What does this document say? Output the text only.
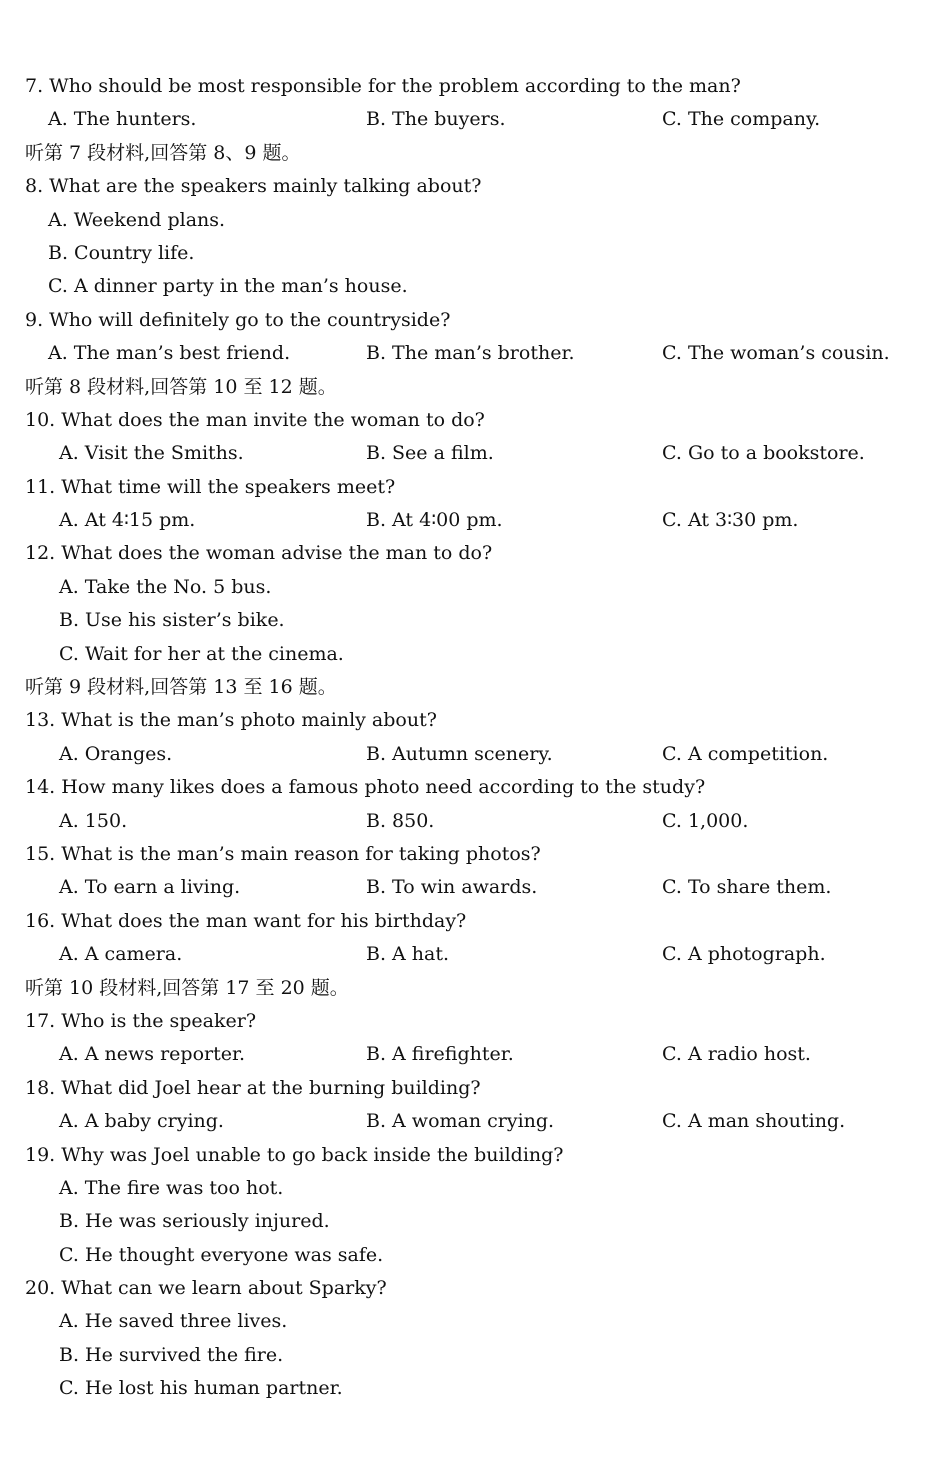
7. Who should be most responsible for the problem according to the man?
A. The hunters.	B. The buyers.	C. The company.
听第 7 段材料,回答第 8、9 题。
8. What are the speakers mainly talking about?
A. Weekend plans.
B. Country life.
C. A dinner party in the man’s house.
9. Who will definitely go to the countryside?
A. The man’s best friend.	B. The man’s brother.	C. The woman’s cousin.
听第 8 段材料,回答第 10 至 12 题。
10. What does the man invite the woman to do?
A. Visit the Smiths.	B. See a film.	C. Go to a bookstore.
11. What time will the speakers meet?
A. At 4∶15 pm.	B. At 4∶00 pm.	C. At 3∶30 pm.
12. What does the woman advise the man to do?
A. Take the No. 5 bus.
B. Use his sister’s bike.
C. Wait for her at the cinema.
听第 9 段材料,回答第 13 至 16 题。
13. What is the man’s photo mainly about?
A. Oranges.	B. Autumn scenery.	C. A competition.
14. How many likes does a famous photo need according to the study?
A. 150.	B. 850.	C. 1,000.
15. What is the man’s main reason for taking photos?
A. To earn a living.	B. To win awards.	C. To share them.
16. What does the man want for his birthday?
A. A camera.	B. A hat.	C. A photograph.
听第 10 段材料,回答第 17 至 20 题。
17. Who is the speaker?
A. A news reporter.	B. A firefighter.	C. A radio host.
18. What did Joel hear at the burning building?
A. A baby crying.	B. A woman crying.	C. A man shouting.
19. Why was Joel unable to go back inside the building?
A. The fire was too hot.
B. He was seriously injured.
C. He thought everyone was safe.
20. What can we learn about Sparky?
A. He saved three lives.
B. He survived the fire.
C. He lost his human partner.
